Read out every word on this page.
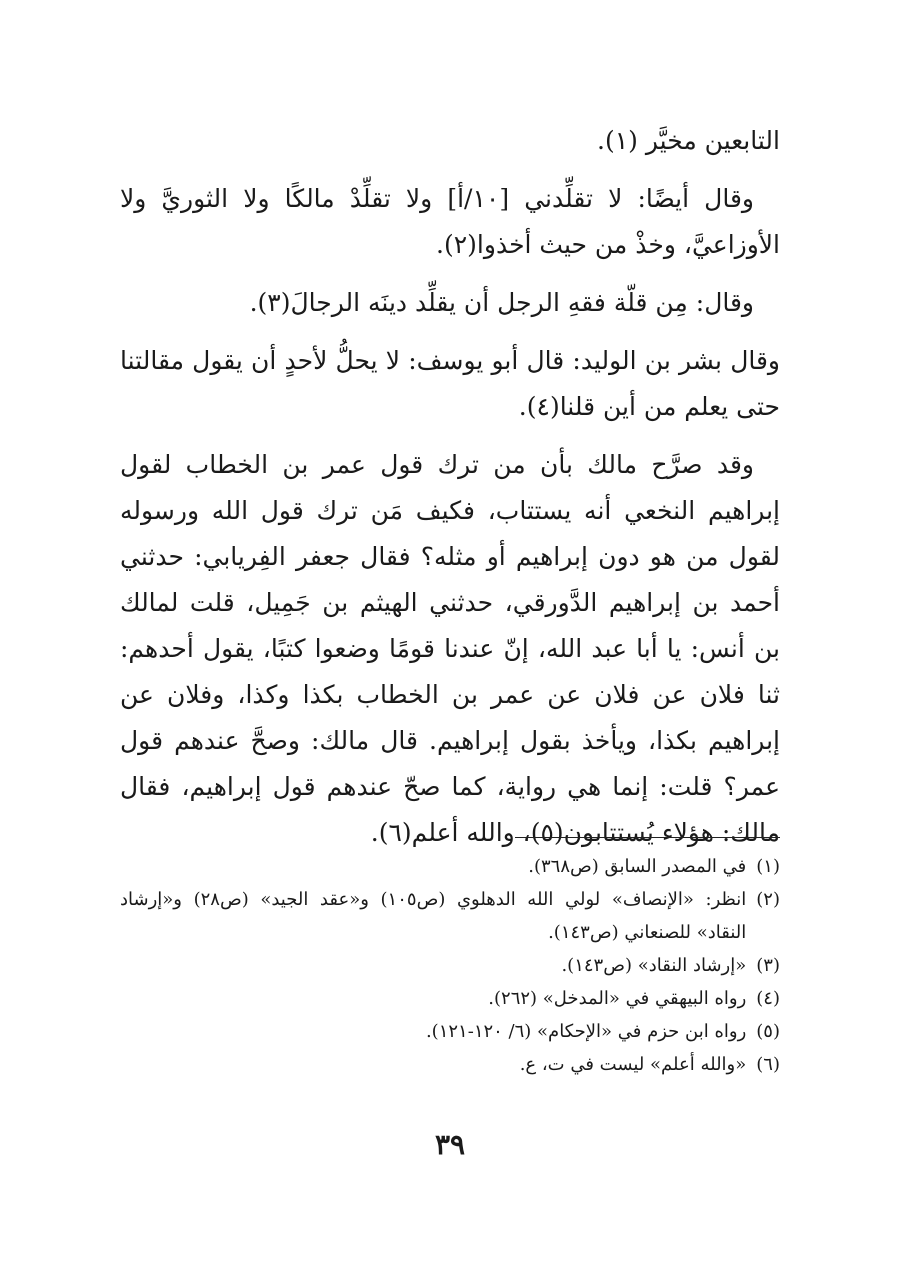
التابعين مخيَّر (١).

وقال أيضًا: لا تقلِّدني [١٠/أ] ولا تقلِّدْ مالكًا ولا الثوريَّ ولا الأوزاعيَّ، وخذْ من حيث أخذوا(٢).

وقال: مِن قلّة فقهِ الرجل أن يقلِّد دينَه الرجالَ(٣).

وقال بشر بن الوليد: قال أبو يوسف: لا يحلُّ لأحدٍ أن يقول مقالتنا حتى يعلم من أين قلنا(٤).

وقد صرَّح مالك بأن من ترك قول عمر بن الخطاب لقول إبراهيم النخعي أنه يستتاب، فكيف مَن ترك قول الله ورسوله لقول من هو دون إبراهيم أو مثله؟ فقال جعفر الفِريابي: حدثني أحمد بن إبراهيم الدَّورقي، حدثني الهيثم بن جَمِيل، قلت لمالك بن أنس: يا أبا عبد الله، إنّ عندنا قومًا وضعوا كتبًا، يقول أحدهم: ثنا فلان عن فلان عن عمر بن الخطاب بكذا وكذا، وفلان عن إبراهيم بكذا، ويأخذ بقول إبراهيم. قال مالك: وصحَّ عندهم قول عمر؟ قلت: إنما هي رواية، كما صحّ عندهم قول إبراهيم، فقال مالك: هؤلاء يُستتابون(٥)، والله أعلم(٦).

(١)
في المصدر السابق (ص٣٦٨).
(٢)
انظر: «الإنصاف» لولي الله الدهلوي (ص١٠٥) و«عقد الجيد» (ص٢٨) و«إرشاد النقاد» للصنعاني (ص١٤٣).
(٣)
«إرشاد النقاد» (ص١٤٣).
(٤)
رواه البيهقي في «المدخل» (٢٦٢).
(٥)
رواه ابن حزم في «الإحكام» (٦/ ١٢٠-١٢١).
(٦)
«والله أعلم» ليست في ت، ع.
٣٩
